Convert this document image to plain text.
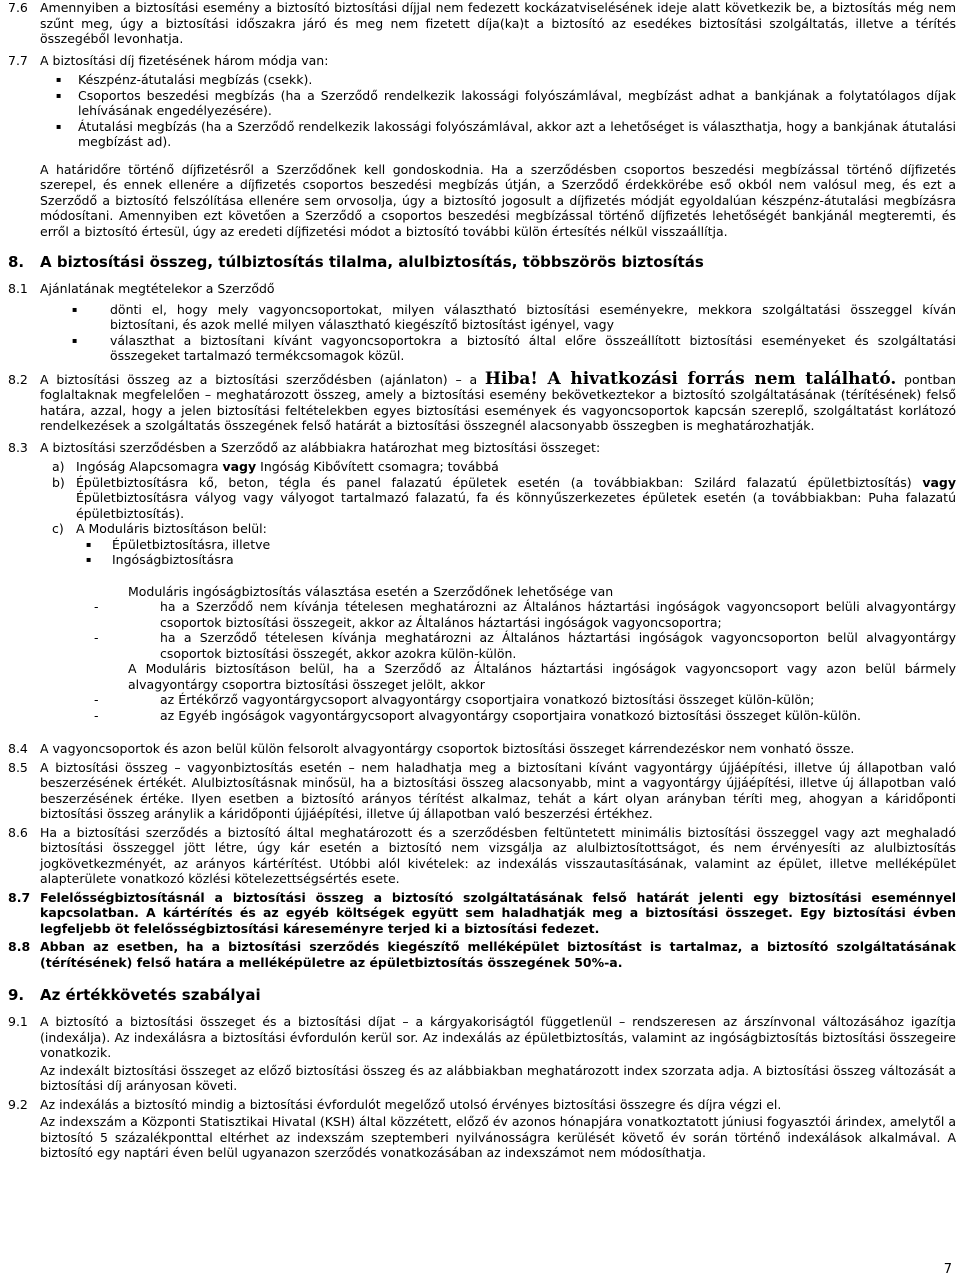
7.6 Amennyiben a biztosítási esemény a biztosító biztosítási díjjal nem fedezett kockázatviselésének ideje alatt következik be, a biztosítás még nem szűnt meg, úgy a biztosítási időszakra járó és meg nem fizetett díja(ka)t a biztosító az esedékes biztosítási szolgáltatás, illetve a térítés összegéből levonhatja.
7.7 A biztosítási díj fizetésének három módja van:
▪ Készpénz-átutalási megbízás (csekk).
▪ Csoportos beszedési megbízás (ha a Szerződő rendelkezik lakossági folyószámlával, megbízást adhat a bankjának a folytatólagos díjak lehívásának engedélyezésére).
▪ Átutalási megbízás (ha a Szerződő rendelkezik lakossági folyószámlával, akkor azt a lehetőséget is választhatja, hogy a bankjának átutalási megbízást ad).
A határidőre történő díjfizetésről a Szerződőnek kell gondoskodnia. Ha a szerződésben csoportos beszedési megbízással történő díjfizetés szerepel, és ennek ellenére a díjfizetés csoportos beszedési megbízás útján, a Szerződő érdekkörébe eső okból nem valósul meg, és ezt a Szerződő a biztosító felszólítása ellenére sem orvosolja, úgy a biztosító jogosult a díjfizetés módját egyoldalúan készpénz-átutalási megbízásra módosítani. Amennyiben ezt követően a Szerződő a csoportos beszedési megbízással történő díjfizetés lehetőségét bankjánál megteremti, és erről a biztosító értesül, úgy az eredeti díjfizetési módot a biztosító további külön értesítés nélkül visszaállítja.
8. A biztosítási összeg, túlbiztosítás tilalma, alulbiztosítás, többszörös biztosítás
8.1 Ajánlatának megtételekor a Szerződő
▪ dönti el, hogy mely vagyoncsoportokat, milyen választható biztosítási eseményekre, mekkora szolgáltatási összeggel kíván biztosítani, és azok mellé milyen választható kiegészítő biztosítást igényel, vagy
▪ választhat a biztosítani kívánt vagyoncsoportokra a biztosító által előre összeállított biztosítási eseményeket és szolgáltatási összegeket tartalmazó termékcsomagok közül.
8.2 A biztosítási összeg az a biztosítási szerződésben (ajánlaton) – a Hiba! A hivatkozási forrás nem található. pontban foglaltaknak megfelelően – meghatározott összeg, amely a biztosítási esemény bekövetkeztekor a biztosító szolgáltatásának (térítésének) felső határa, azzal, hogy a jelen biztosítási feltételekben egyes biztosítási események és vagyoncsoportok kapcsán szereplő, szolgáltatást korlátozó rendelkezések a szolgáltatás összegének felső határát a biztosítási összegnél alacsonyabb összegben is meghatározhatják.
8.3 A biztosítási szerződésben a Szerződő az alábbiakra határozhat meg biztosítási összeget:
a) Ingóság Alapcsomagra vagy Ingóság Kibővített csomagra; továbbá
b) Épületbiztosításra kő, beton, tégla és panel falazatú épületek esetén (a továbbiakban: Szilárd falazatú épületbiztosítás) vagy Épületbiztosításra vályog vagy vályogot tartalmazó falazatú, fa és könnyűszerkezetes épületek esetén (a továbbiakban: Puha falazatú épületbiztosítás).
c) A Moduláris biztosításon belül:
▪ Épületbiztosításra, illetve
▪ Ingóságbiztosításra
Moduláris ingóságbiztosítás választása esetén a Szerződőnek lehetősége van
- ha a Szerződő nem kívánja tételesen meghatározni az Általános háztartási ingóságok vagyoncsoport belüli alvagyontárgy csoportok biztosítási összegeit, akkor az Általános háztartási ingóságok vagyoncsoportra;
- ha a Szerződő tételesen kívánja meghatározni az Általános háztartási ingóságok vagyoncsoporton belül alvagyontárgy csoportok biztosítási összegét, akkor azokra külön-külön.
A Moduláris biztosításon belül, ha a Szerződő az Általános háztartási ingóságok vagyoncsoport vagy azon belül bármely alvagyontárgy csoportra biztosítási összeget jelölt, akkor
- az Értékőrző vagyontárgycsoport alvagyontárgy csoportjaira vonatkozó biztosítási összeget külön-külön;
- az Egyéb ingóságok vagyontárgycsoport alvagyontárgy csoportjaira vonatkozó biztosítási összeget külön-külön.
8.4 A vagyoncsoportok és azon belül külön felsorolt alvagyontárgy csoportok biztosítási összeget kárrendezéskor nem vonható össze.
8.5 A biztosítási összeg – vagyonbiztosítás esetén – nem haladhatja meg a biztosítani kívánt vagyontárgy újjáépítési, illetve új állapotban való beszerzésének értékét. Alulbiztosításnak minősül, ha a biztosítási összeg alacsonyabb, mint a vagyontárgy újjáépítési, illetve új állapotban való beszerzésének értéke. Ilyen esetben a biztosító arányos térítést alkalmaz, tehát a kárt olyan arányban téríti meg, ahogyan a káridőponti biztosítási összeg aránylik a káridőponti újjáépítési, illetve új állapotban való beszerzési értékhez.
8.6 Ha a biztosítási szerződés a biztosító által meghatározott és a szerződésben feltüntetett minimális biztosítási összeggel vagy azt meghaladó biztosítási összeggel jött létre, úgy kár esetén a biztosító nem vizsgálja az alulbiztosítottságot, és nem érvényesíti az alulbiztosítás jogkövetkezményét, az arányos kártérítést. Utóbbi alól kivételek: az indexálás visszautasításának, valamint az épület, illetve melléképület alapterülete vonatkozó közlési kötelezettségsértés esete.
8.7 Felelősségbiztosításnál a biztosítási összeg a biztosító szolgáltatásának felső határát jelenti egy biztosítási eseménnyel kapcsolatban. A kártérítés és az egyéb költségek együtt sem haladhatják meg a biztosítási összeget. Egy biztosítási évben legfeljebb öt felelősségbiztosítási káreseményre terjed ki a biztosítási fedezet.
8.8 Abban az esetben, ha a biztosítási szerződés kiegészítő melléképület biztosítást is tartalmaz, a biztosító szolgáltatásának (térítésének) felső határa a melléképületre az épületbiztosítás összegének 50%-a.
9. Az értékkövetés szabályai
9.1 A biztosító a biztosítási összeget és a biztosítási díjat – a kárgyakoriságtól függetlenül – rendszeresen az árszínvonal változásához igazítja (indexálja). Az indexálásra a biztosítási évfordulón kerül sor. Az indexálás az épületbiztosítás, valamint az ingóságbiztosítás biztosítási összegeire vonatkozik.
Az indexált biztosítási összeget az előző biztosítási összeg és az alábbiakban meghatározott index szorzata adja. A biztosítási összeg változását a biztosítási díj arányosan követi.
9.2 Az indexálás a biztosító mindig a biztosítási évfordulót megelőző utolsó érvényes biztosítási összegre és díjra végzi el.
Az indexszám a Központi Statisztikai Hivatal (KSH) által közzétett, előző év azonos hónapjára vonatkoztatott júniusi fogyasztói árindex, amelytől a biztosító 5 százalékponttal eltérhet az indexszám szeptemberi nyilvánosságra kerülését követő év során történő indexálások alkalmával. A biztosító egy naptári éven belül ugyanazon szerződés vonatkozásában az indexszámot nem módosíthatja.
7
